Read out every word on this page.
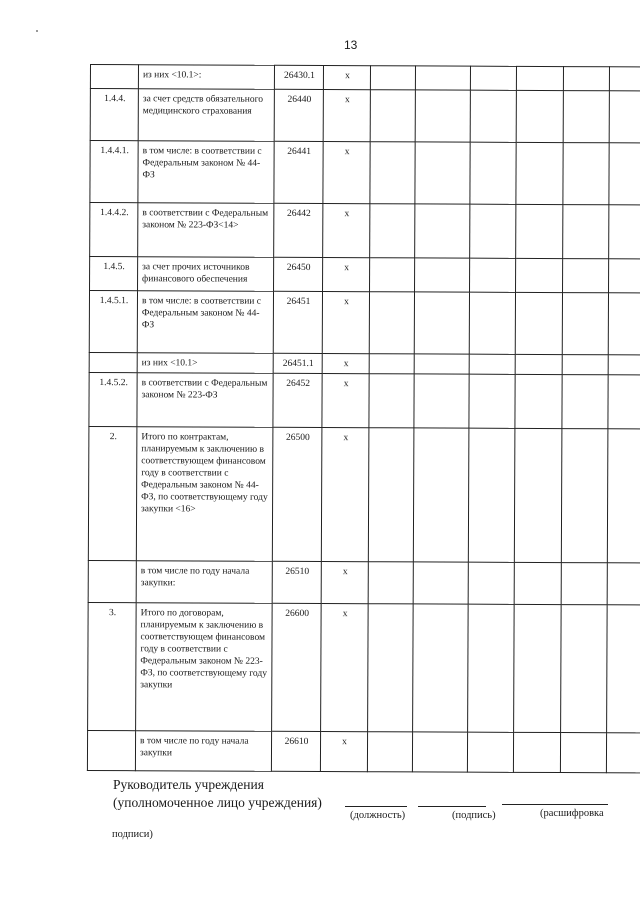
13
	из них <10.1>:	26430.1	x						
1.4.4.	за счет средств обязательного медицинского страхования	26440	x						
1.4.4.1.	в том числе: в соответствии с Федеральным законом № 44-ФЗ	26441	x						
1.4.4.2.	в соответствии с Федеральным законом № 223-ФЗ<14>	26442	x						
1.4.5.	за счет прочих источников финансового обеспечения	26450	x						
1.4.5.1.	в том числе: в соответствии с Федеральным законом № 44-ФЗ	26451	x						
	из них <10.1>	26451.1	x						
1.4.5.2.	в соответствии с Федеральным законом № 223-ФЗ	26452	x						
2.	Итого по контрактам, планируемым к заключению в соответствующем финансовом году в соответствии с Федеральным законом № 44-ФЗ, по соответствующему году закупки <16>	26500	x						
	в том числе по году начала закупки:	26510	x						
3.	Итого по договорам, планируемым к заключению в соответствующем финансовом году в соответствии с Федеральным законом № 223-ФЗ, по соответствующему году закупки	26600	x						
	в том числе по году начала закупки	26610	x						
Руководитель учреждения
(уполномоченное лицо учреждения)
(должность)	(подпись)	(расшифровка
подписи)
